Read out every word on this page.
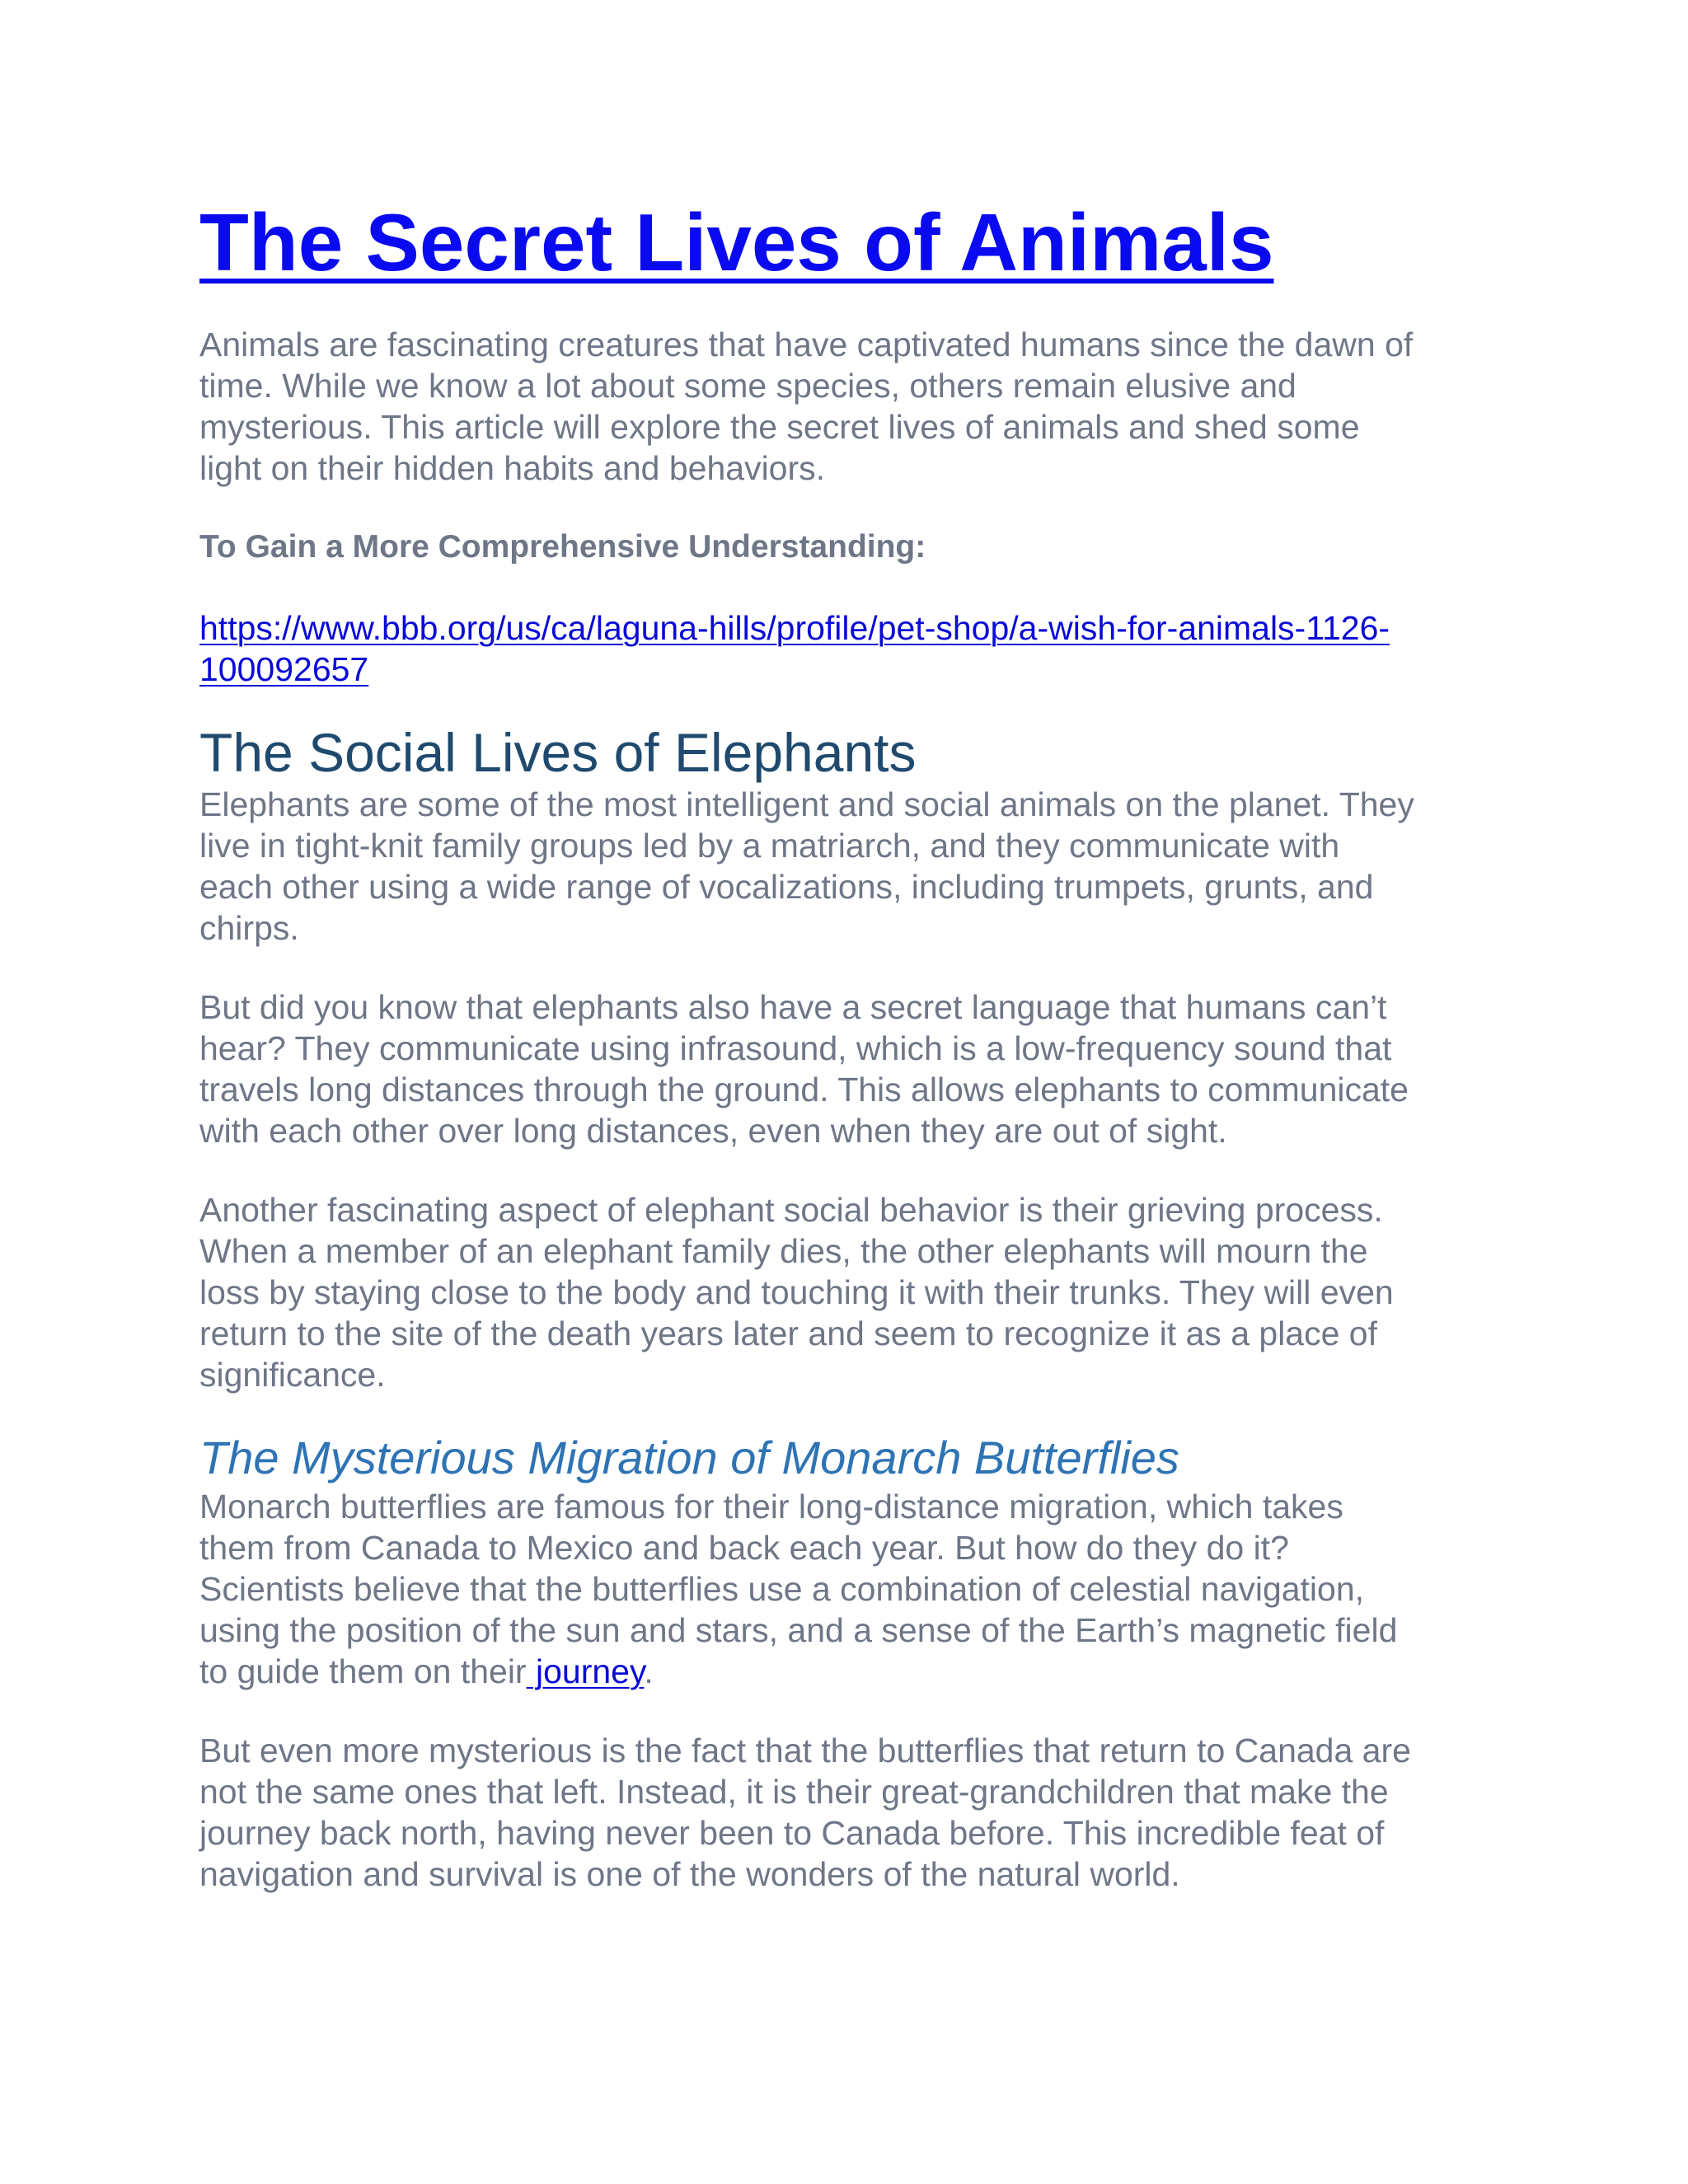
The Secret Lives of Animals

Animals are fascinating creatures that have captivated humans since the dawn of
time. While we know a lot about some species, others remain elusive and
mysterious. This article will explore the secret lives of animals and shed some
light on their hidden habits and behaviors.

To Gain a More Comprehensive Understanding:

https://www.bbb.org/us/ca/laguna-hills/profile/pet-shop/a-wish-for-animals-1126-
100092657
The Social Lives of Elephants

Elephants are some of the most intelligent and social animals on the planet. They
live in tight-knit family groups led by a matriarch, and they communicate with
each other using a wide range of vocalizations, including trumpets, grunts, and
chirps.

But did you know that elephants also have a secret language that humans can’t
hear? They communicate using infrasound, which is a low-frequency sound that
travels long distances through the ground. This allows elephants to communicate
with each other over long distances, even when they are out of sight.

Another fascinating aspect of elephant social behavior is their grieving process.
When a member of an elephant family dies, the other elephants will mourn the
loss by staying close to the body and touching it with their trunks. They will even
return to the site of the death years later and seem to recognize it as a place of
significance.

The Mysterious Migration of Monarch Butterflies

Monarch butterflies are famous for their long-distance migration, which takes
them from Canada to Mexico and back each year. But how do they do it?
Scientists believe that the butterflies use a combination of celestial navigation,
using the position of the sun and stars, and a sense of the Earth’s magnetic field
to guide them on their journey.

But even more mysterious is the fact that the butterflies that return to Canada are
not the same ones that left. Instead, it is their great-grandchildren that make the
journey back north, having never been to Canada before. This incredible feat of
navigation and survival is one of the wonders of the natural world.
